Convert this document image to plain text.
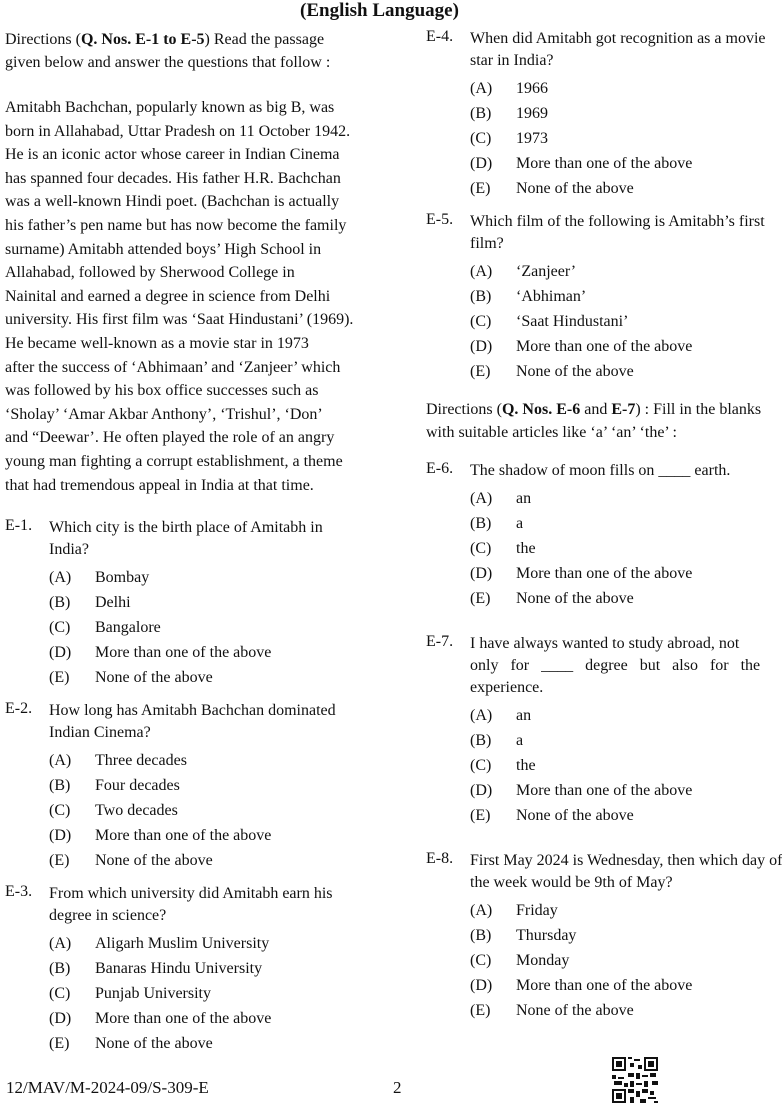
(English Language)

Directions (Q. Nos. E-1 to E-5) Read the passage
given below and answer the questions that follow :

Amitabh Bachchan, popularly known as big B, was
born in Allahabad, Uttar Pradesh on 11 October 1942.
He is an iconic actor whose career in Indian Cinema
has spanned four decades. His father H.R. Bachchan
was a well-known Hindi poet. (Bachchan is actually
his father’s pen name but has now become the family
surname) Amitabh attended boys’ High School in
Allahabad, followed by Sherwood College in
Nainital and earned a degree in science from Delhi
university. His first film was ‘Saat Hindustani’ (1969).
He became well-known as a movie star in 1973
after the success of ‘Abhimaan’ and ‘Zanjeer’ which
was followed by his box office successes such as
‘Sholay’ ‘Amar Akbar Anthony’, ‘Trishul’, ‘Don’
and “Deewar’. He often played the role of an angry
young man fighting a corrupt establishment, a theme
that had tremendous appeal in India at that time.
E-1. Which city is the birth place of Amitabh in
India?
(A) Bombay
(B) Delhi
(C) Bangalore
(D) More than one of the above
(E) None of the above
E-2. How long has Amitabh Bachchan dominated
Indian Cinema?
(A) Three decades
(B) Four decades
(C) Two decades
(D) More than one of the above
(E) None of the above
E-3. From which university did Amitabh earn his
degree in science?
(A) Aligarh Muslim University
(B) Banaras Hindu University
(C) Punjab University
(D) More than one of the above
(E) None of the above
E-4. When did Amitabh got recognition as a movie
star in India?
(A) 1966
(B) 1969
(C) 1973
(D) More than one of the above
(E) None of the above
E-5. Which film of the following is Amitabh’s first
film?
(A) ‘Zanjeer’
(B) ‘Abhiman’
(C) ‘Saat Hindustani’
(D) More than one of the above
(E) None of the above

Directions (Q. Nos. E-6 and E-7) : Fill in the blanks
with suitable articles like ‘a’ ‘an’ ‘the’ :

E-6. The shadow of moon fills on ____ earth.
(A) an
(B) a
(C) the
(D) More than one of the above
(E) None of the above
E-7. I have always wanted to study abroad, not
only for ____ degree but also for the
experience.
(A) an
(B) a
(C) the
(D) More than one of the above
(E) None of the above
E-8. First May 2024 is Wednesday, then which day of
the week would be 9th of May?
(A) Friday
(B) Thursday
(C) Monday
(D) More than one of the above
(E) None of the above
12/MAV/M-2024-09/S-309-E	2
